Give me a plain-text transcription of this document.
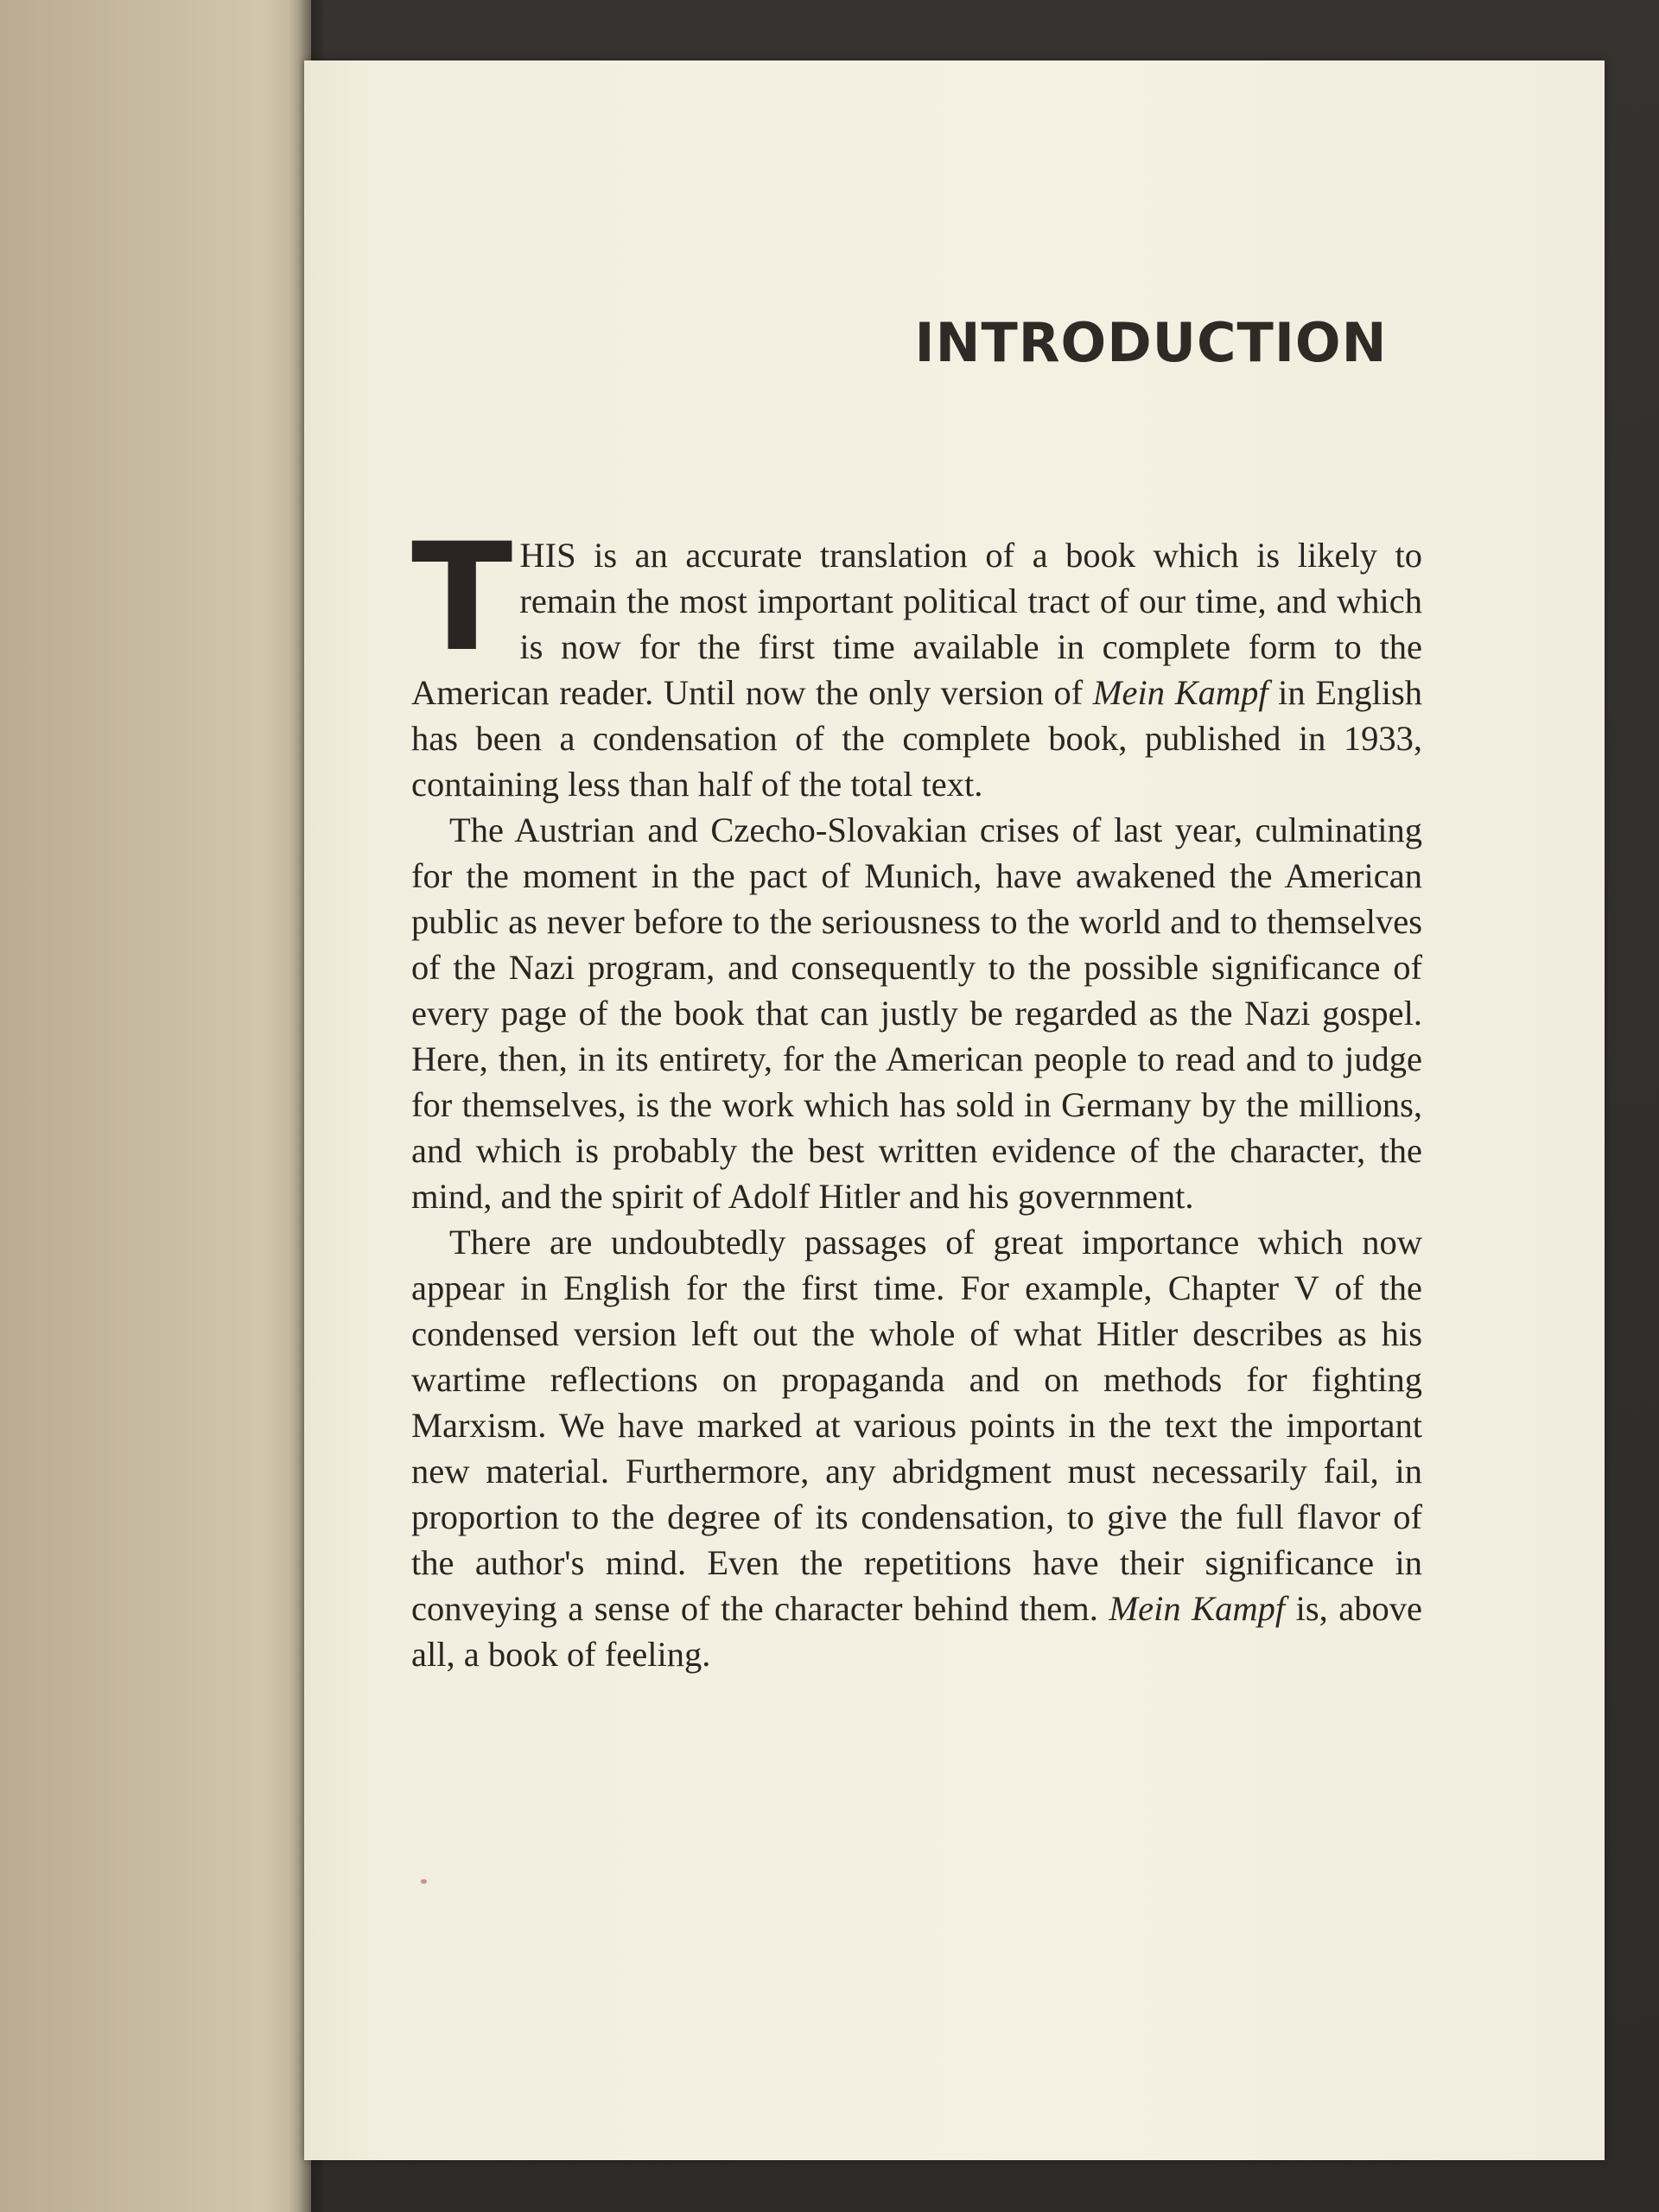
INTRODUCTION

THIS is an accurate translation of a book which is likely to remain the most important political tract of our time, and which is now for the first time available in complete form to the American reader. Until now the only version of Mein Kampf in English has been a condensation of the complete book, published in 1933, containing less than half of the total text.

The Austrian and Czecho-Slovakian crises of last year, culminating for the moment in the pact of Munich, have awakened the American public as never before to the seriousness to the world and to themselves of the Nazi program, and consequently to the possible significance of every page of the book that can justly be regarded as the Nazi gospel. Here, then, in its entirety, for the American people to read and to judge for themselves, is the work which has sold in Germany by the millions, and which is probably the best written evidence of the character, the mind, and the spirit of Adolf Hitler and his government.

There are undoubtedly passages of great importance which now appear in English for the first time. For example, Chapter V of the condensed version left out the whole of what Hitler describes as his wartime reflections on propaganda and on methods for fighting Marxism. We have marked at various points in the text the important new material. Furthermore, any abridgment must necessarily fail, in proportion to the degree of its condensation, to give the full flavor of the author's mind. Even the repetitions have their significance in conveying a sense of the character behind them. Mein Kampf is, above all, a book of feeling.
